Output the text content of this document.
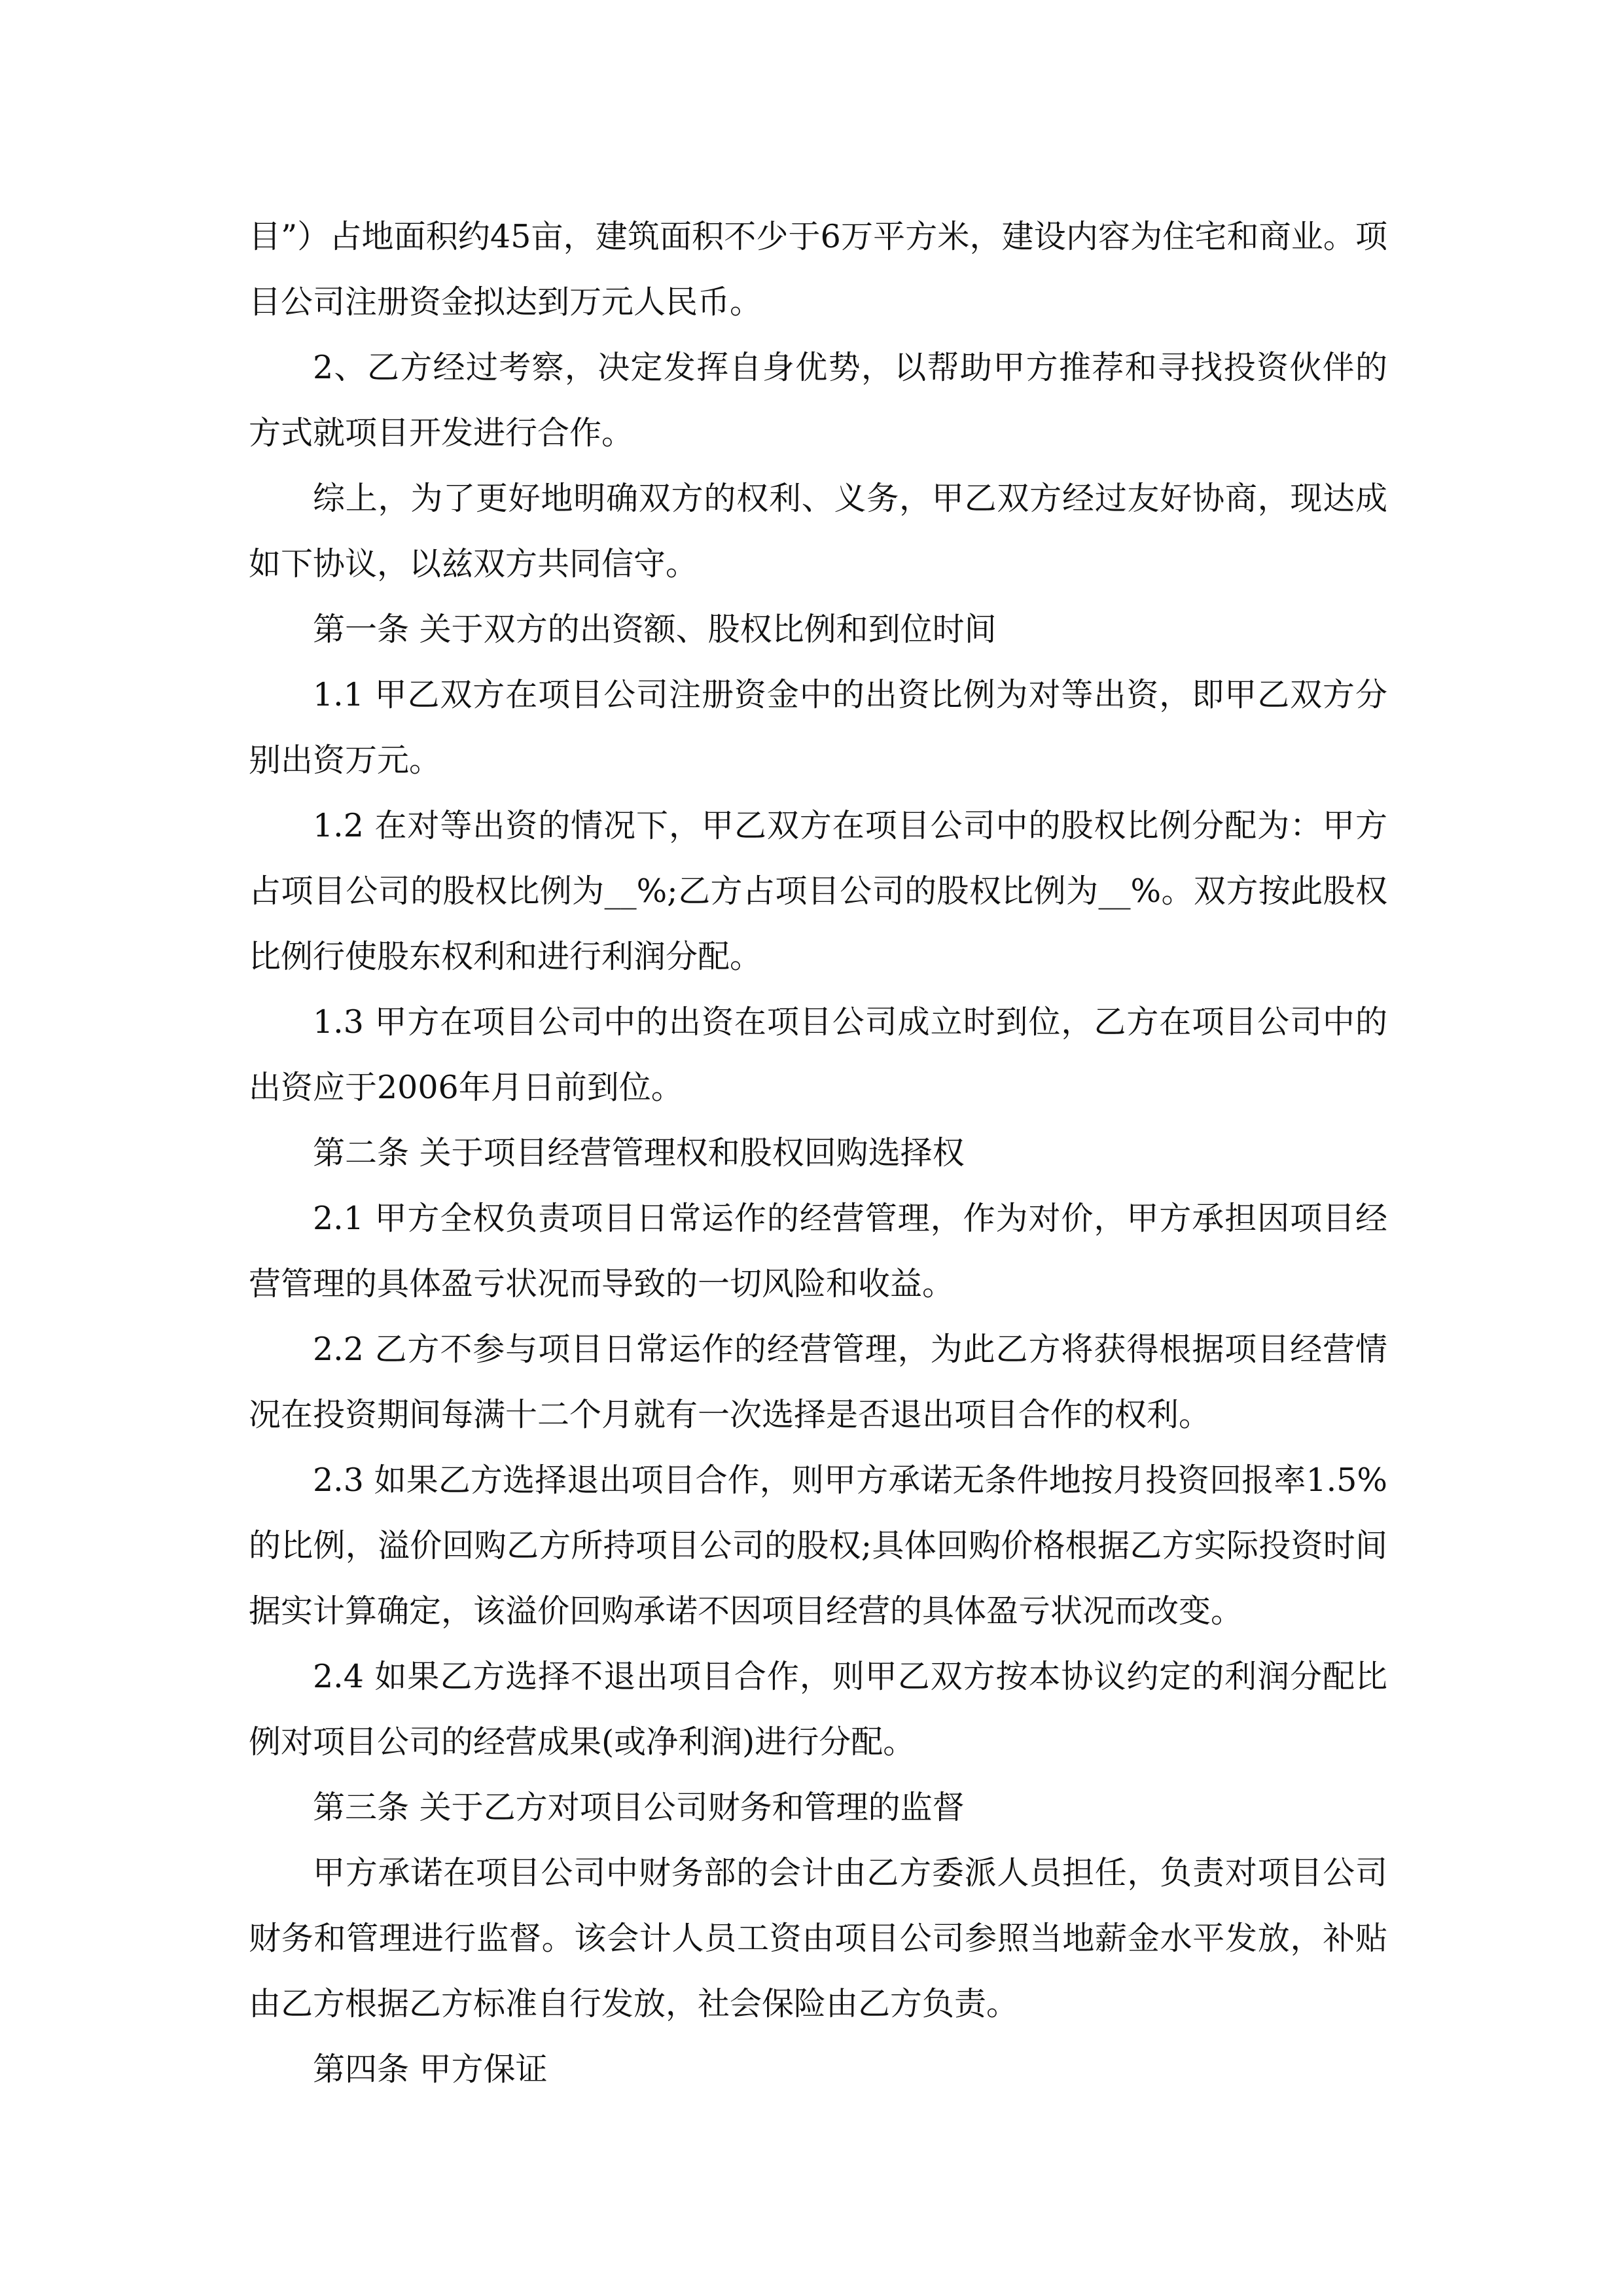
目”）占地面积约45亩，建筑面积不少于6万平方米，建设内容为住宅和商业。项目公司注册资金拟达到万元人民币。

2、乙方经过考察，决定发挥自身优势，以帮助甲方推荐和寻找投资伙伴的方式就项目开发进行合作。

综上，为了更好地明确双方的权利、义务，甲乙双方经过友好协商，现达成如下协议，以兹双方共同信守。

第一条 关于双方的出资额、股权比例和到位时间

1.1 甲乙双方在项目公司注册资金中的出资比例为对等出资，即甲乙双方分别出资万元。

1.2 在对等出资的情况下，甲乙双方在项目公司中的股权比例分配为：甲方占项目公司的股权比例为__%;乙方占项目公司的股权比例为__%。双方按此股权比例行使股东权利和进行利润分配。

1.3 甲方在项目公司中的出资在项目公司成立时到位，乙方在项目公司中的出资应于2006年月日前到位。

第二条 关于项目经营管理权和股权回购选择权

2.1 甲方全权负责项目日常运作的经营管理，作为对价，甲方承担因项目经营管理的具体盈亏状况而导致的一切风险和收益。

2.2 乙方不参与项目日常运作的经营管理，为此乙方将获得根据项目经营情况在投资期间每满十二个月就有一次选择是否退出项目合作的权利。

2.3 如果乙方选择退出项目合作，则甲方承诺无条件地按月投资回报率1.5%的比例，溢价回购乙方所持项目公司的股权;具体回购价格根据乙方实际投资时间据实计算确定，该溢价回购承诺不因项目经营的具体盈亏状况而改变。

2.4 如果乙方选择不退出项目合作，则甲乙双方按本协议约定的利润分配比例对项目公司的经营成果(或净利润)进行分配。

第三条 关于乙方对项目公司财务和管理的监督

甲方承诺在项目公司中财务部的会计由乙方委派人员担任，负责对项目公司财务和管理进行监督。该会计人员工资由项目公司参照当地薪金水平发放，补贴由乙方根据乙方标准自行发放，社会保险由乙方负责。

第四条 甲方保证
